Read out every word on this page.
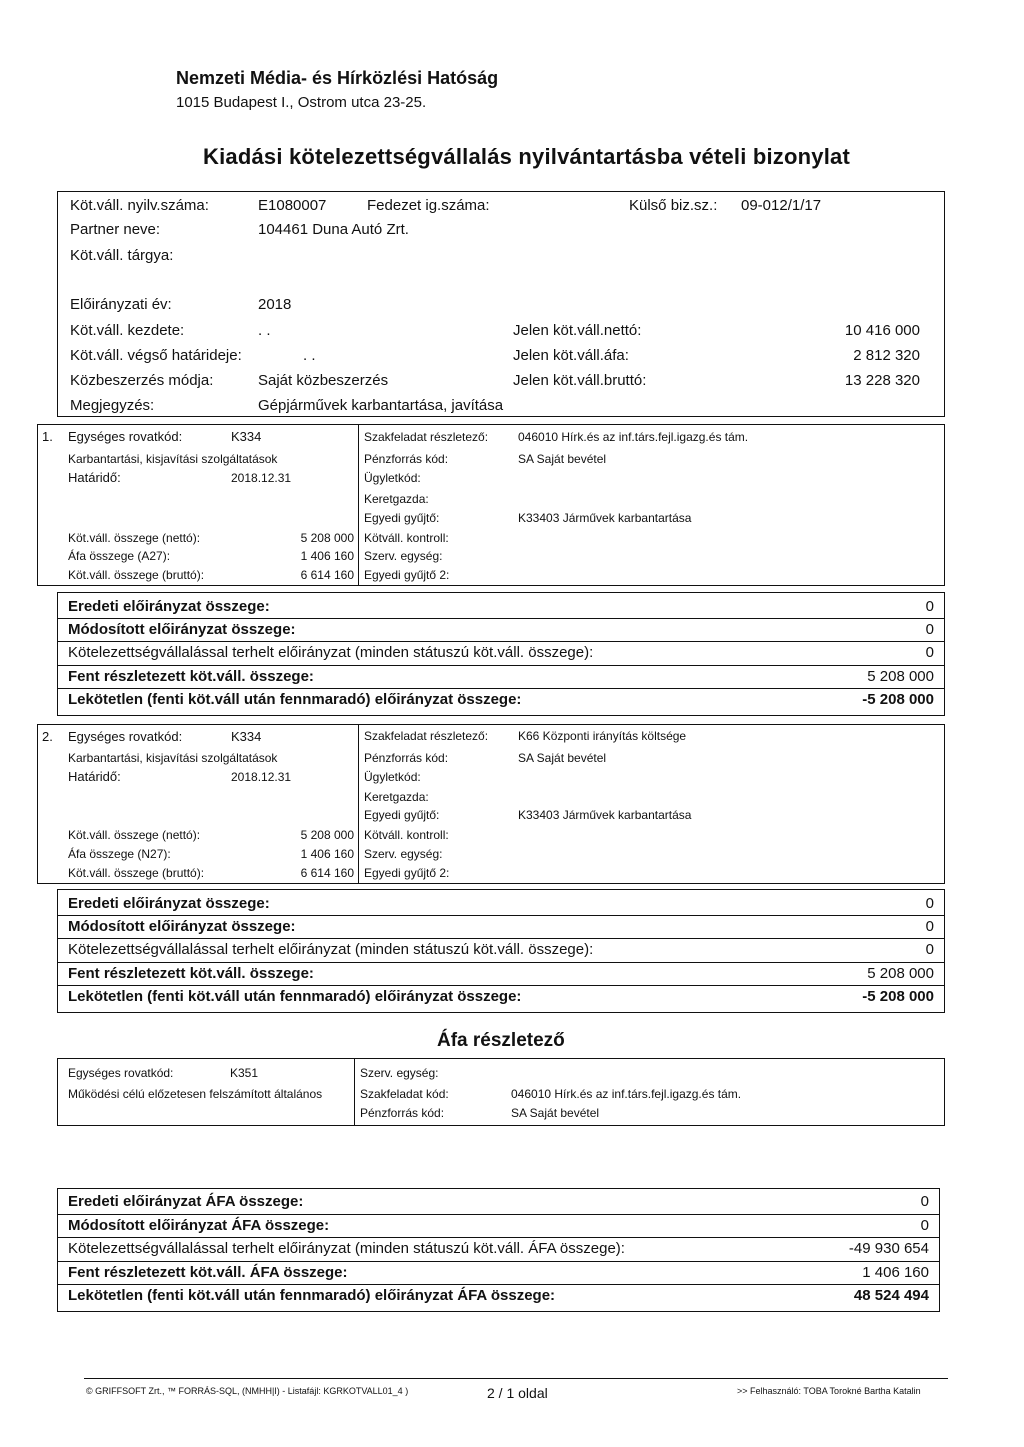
Nemzeti Média- és Hírközlési Hatóság
1015 Budapest I., Ostrom utca 23-25.
Kiadási kötelezettségvállalás nyilvántartásba vételi bizonylat
Köt.váll. nyilv.száma:	E1080007	Fedezet ig.száma:	Külső biz.sz.: 09-012/1/17
Partner neve:	104461 Duna Autó Zrt.
Köt.váll. tárgya:
Előirányzati év:	2018
Köt.váll. kezdete:	. .
Köt.váll. végső határideje:	. .
Közbeszerzés módja:	Saját közbeszerzés
Megjegyzés:	Gépjárművek karbantartása, javítása
Jelen köt.váll.nettó:	10 416 000
Jelen köt.váll.áfa:	2 812 320
Jelen köt.váll.bruttó:	13 228 320
1. Egységes rovatkód:	K334
Karbantartási, kisjavítási szolgáltatások
Határidő:	2018.12.31
Köt.váll. összege (nettó):	5 208 000
Áfa összege (A27):	1 406 160
Köt.váll. összege (bruttó):	6 614 160
Szakfeladat részletező: 046010 Hírk.és az inf.társ.fejl.igazg.és tám.
Pénzforrás kód:	SA Saját bevétel
Ügyletkód:
Keretgazda:
Egyedi gyűjtő:	K33403 Járművek karbantartása
Kötváll. kontroll:
Szerv. egység:
Egyedi gyűjtő 2:
Eredeti előirányzat összege:	0
Módosított előirányzat összege:	0
Kötelezettségvállalással terhelt előirányzat (minden státuszú köt.váll. összege):	0
Fent részletezett köt.váll. összege:	5 208 000
Lekötetlen (fenti köt.váll után fennmaradó) előirányzat összege:	-5 208 000
2. Egységes rovatkód:	K334
Karbantartási, kisjavítási szolgáltatások
Határidő:	2018.12.31
Köt.váll. összege (nettó):	5 208 000
Áfa összege (N27):	1 406 160
Köt.váll. összege (bruttó):	6 614 160
Szakfeladat részletező: K66 Központi irányítás költsége
Pénzforrás kód:	SA Saját bevétel
Ügyletkód:
Keretgazda:
Egyedi gyűjtő:	K33403 Járművek karbantartása
Kötváll. kontroll:
Szerv. egység:
Egyedi gyűjtő 2:
Eredeti előirányzat összege:	0
Módosított előirányzat összege:	0
Kötelezettségvállalással terhelt előirányzat (minden státuszú köt.váll. összege):	0
Fent részletezett köt.váll. összege:	5 208 000
Lekötetlen (fenti köt.váll után fennmaradó) előirányzat összege:	-5 208 000
Áfa részletező
Egységes rovatkód:	K351
Működési célú előzetesen felszámított általános
Szerv. egység:
Szakfeladat kód:	046010 Hírk.és az inf.társ.fejl.igazg.és tám.
Pénzforrás kód:	SA Saját bevétel
Eredeti előirányzat ÁFA összege:	0
Módosított előirányzat ÁFA összege:	0
Kötelezettségvállalással terhelt előirányzat (minden státuszú köt.váll. ÁFA összege):	-49 930 654
Fent részletezett köt.váll. ÁFA összege:	1 406 160
Lekötetlen (fenti köt.váll után fennmaradó) előirányzat ÁFA összege:	48 524 494
© GRIFFSOFT Zrt., ™ FORRÁS-SQL, (NMHH|I) - Listafájl: KGRKOTVALL01_4 )	2 / 1 oldal	>> Felhasználó: TOBA Torokné Bartha Katalin
